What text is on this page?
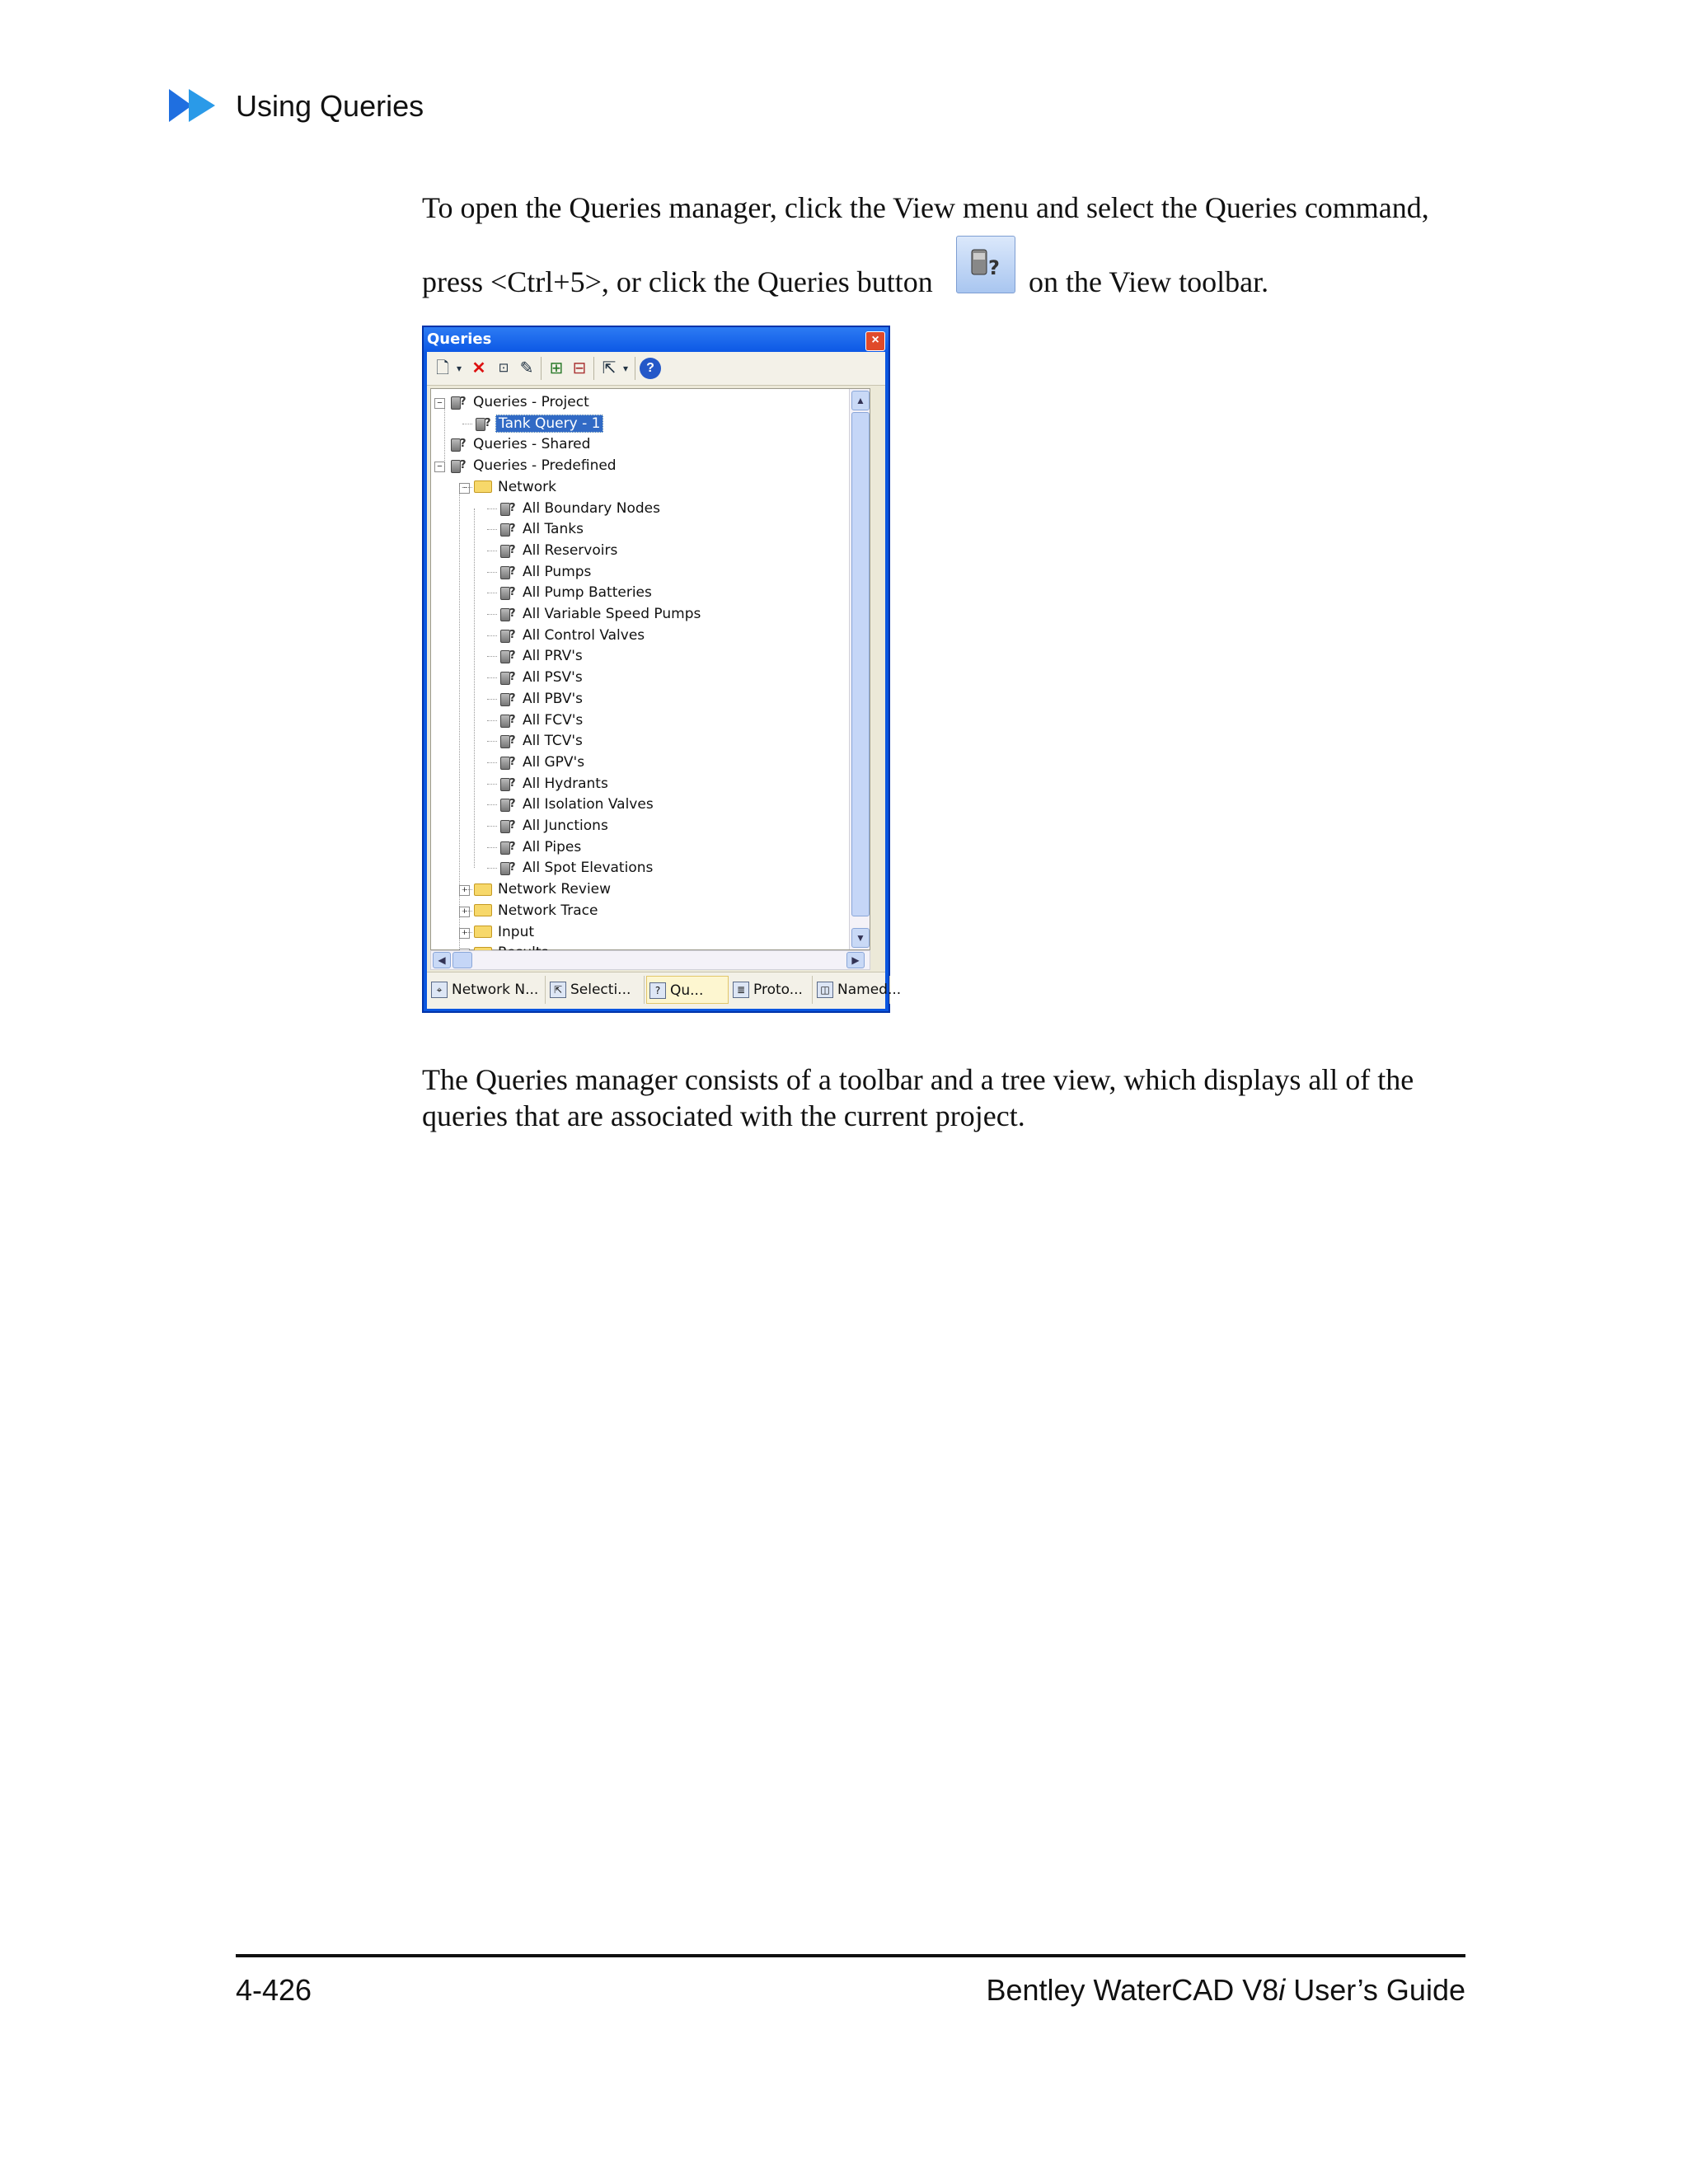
Using Queries
To open the Queries manager, click the View menu and select the Queries command,
press <Ctrl+5>, or click the Queries button	? on the View toolbar.
Queries	×
🗋 ▾ ✕	⊡ ✎ ⊞ ⊟ ⇱ ▾	?
▲
▼
?Queries - Project
−
?Tank Query - 1
?Queries - Shared
?Queries - Predefined
−
Network
−
?All Boundary Nodes
?All Tanks
?All Reservoirs
?All Pumps
?All Pump Batteries
?All Variable Speed Pumps
?All Control Valves
?All PRV's
?All PSV's
?All PBV's
?All FCV's
?All TCV's
?All GPV's
?All Hydrants
?All Isolation Valves
?All Junctions
?All Pipes
?All Spot Elevations
Network Review
+
Network Trace
+
Input
+
◀	▶
⌖ Network N...	⇱ Selecti...	? Qu...	≣ Proto...	◫ Named...
The Queries manager consists of a toolbar and a tree view, which displays all of the queries that are associated with the current project.
4-426	Bentley WaterCAD V8i User’s Guide
